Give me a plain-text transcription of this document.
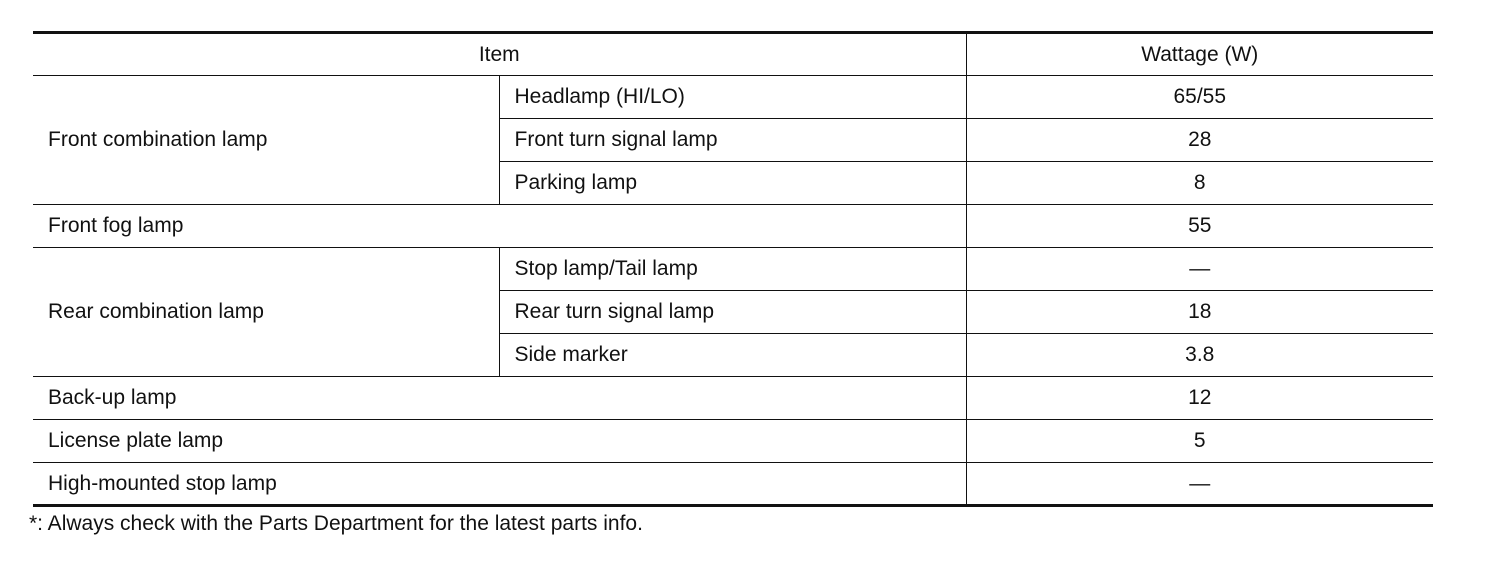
Item		Wattage (W)
Front combination lamp	Headlamp (HI/LO)	65/55
	Front turn signal lamp	28
	Parking lamp	8
Front fog lamp		55
Rear combination lamp	Stop lamp/Tail lamp	—
	Rear turn signal lamp	18
	Side marker	3.8
Back-up lamp		12
License plate lamp		5
High-mounted stop lamp		—
*: Always check with the Parts Department for the latest parts info.
